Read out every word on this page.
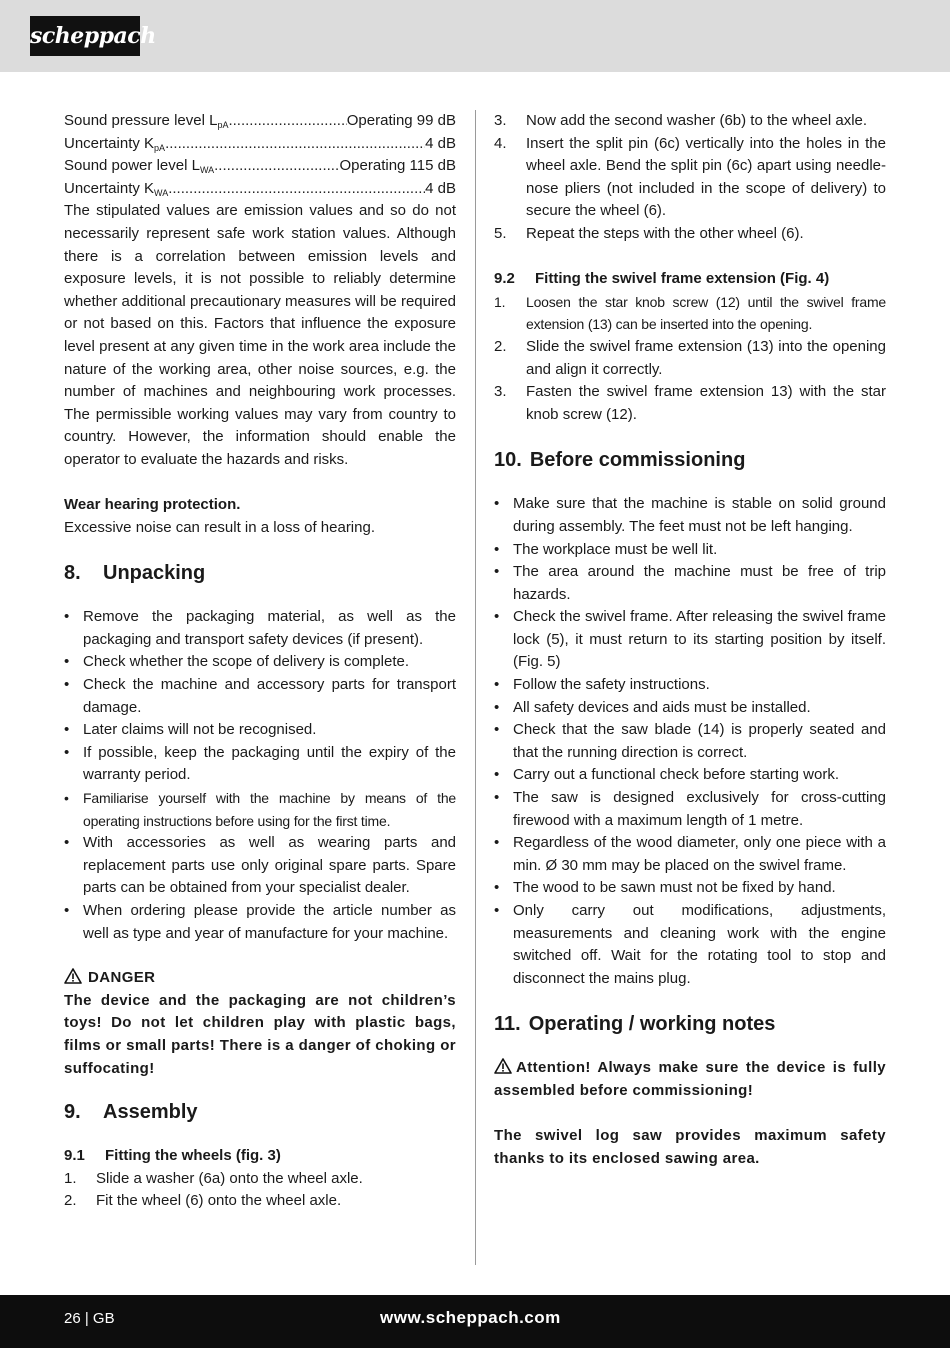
scheppach
Sound pressure level $L_{pA}$ .....	Operating 99 dB
Uncertainty $K_{pA}$ .....	4 dB
Sound power level $L_{WA}$ .....	Operating 115 dB
Uncertainty $K_{WA}$ .....	4 dB

The stipulated values are emission values and so do not necessarily represent safe work station values. Although there is a correlation between emission levels and exposure levels, it is not possible to reliably determine whether additional precautionary measures will be required or not based on this. Factors that influence the exposure level present at any given time in the work area include the nature of the working area, other noise sources, e.g. the number of machines and neighbouring work processes. The permissible working values may vary from country to country. However, the information should enable the operator to evaluate the hazards and risks.

Wear hearing protection.

Excessive noise can result in a loss of hearing.

8. Unpacking

• Remove the packaging material, as well as the packaging and transport safety devices (if present).
• Check whether the scope of delivery is complete.
• Check the machine and accessory parts for transport damage.
• Later claims will not be recognised.
• If possible, keep the packaging until the expiry of the warranty period.
• Familiarise yourself with the machine by means of the operating instructions before using for the first time.
• With accessories as well as wearing parts and replacement parts use only original spare parts. Spare parts can be obtained from your specialist dealer.
• When ordering please provide the article number as well as type and year of manufacture for your machine.

DANGER

The device and the packaging are not children’s toys! Do not let children play with plastic bags, films or small parts! There is a danger of choking or suffocating!

9. Assembly

9.1 Fitting the wheels (fig. 3)

1. Slide a washer (6a) onto the wheel axle.
2. Fit the wheel (6) onto the wheel axle.
3. Now add the second washer (6b) to the wheel axle.
4. Insert the split pin (6c) vertically into the holes in the wheel axle. Bend the split pin (6c) apart using needle-nose pliers (not included in the scope of delivery) to secure the wheel (6).
5. Repeat the steps with the other wheel (6).

9.2 Fitting the swivel frame extension (Fig. 4)

1. Loosen the star knob screw (12) until the swivel frame extension (13) can be inserted into the opening.
2. Slide the swivel frame extension (13) into the opening and align it correctly.
3. Fasten the swivel frame extension 13) with the star knob screw (12).

10. Before commissioning

• Make sure that the machine is stable on solid ground during assembly. The feet must not be left hanging.
• The workplace must be well lit.
• The area around the machine must be free of trip hazards.
• Check the swivel frame. After releasing the swivel frame lock (5), it must return to its starting position by itself. (Fig. 5)
• Follow the safety instructions.
• All safety devices and aids must be installed.
• Check that the saw blade (14) is properly seated and that the running direction is correct.
• Carry out a functional check before starting work.
• The saw is designed exclusively for cross-cutting firewood with a maximum length of 1 metre.
• Regardless of the wood diameter, only one piece with a min. Ø 30 mm may be placed on the swivel frame.
• The wood to be sawn must not be fixed by hand.
• Only carry out modifications, adjustments, measurements and cleaning work with the engine switched off. Wait for the rotating tool to stop and disconnect the mains plug.

11. Operating / working notes

Attention! Always make sure the device is fully assembled before commissioning!

The swivel log saw provides maximum safety thanks to its enclosed sawing area.

26 | GB	www.scheppach.com
